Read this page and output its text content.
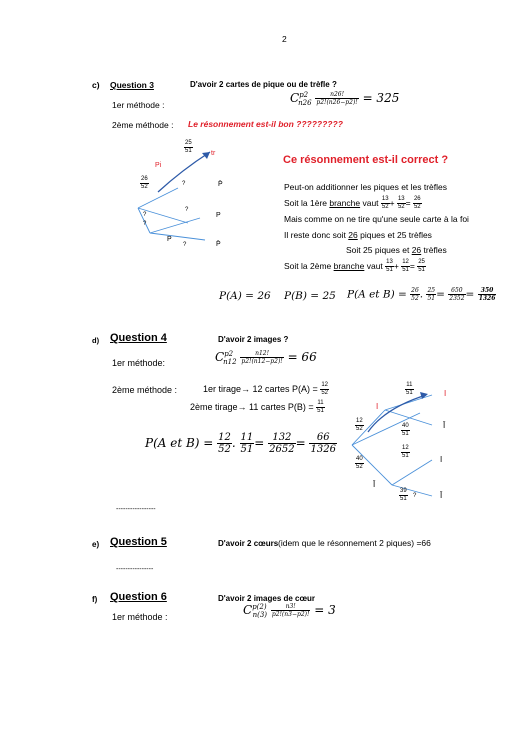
2
c) Question 3	D'avoir 2 cartes de pique ou de trèfle ?
1er méthode :	$C^{p2}_{n26} \frac{n26!}{p2!(n26-p2)!} = 325$
2ème méthode : Le résonnement est-il bon ?????????
$\frac{25}{51}$	tr
Pi
$\frac{26}{52}$	?	P̄
?
P
?
?
P
?	P̄
Ce résonnement est-il correct ?
Peut-on additionner les piques et les trèfles
Soit la 1ère branche vaut $\frac{13}{52} + \frac{13}{52} = \frac{26}{52}$
Mais comme on ne tire qu'une seule carte à la foi
Il reste donc soit 26 piques et 25 trèfles
Soit 25 piques et 26 trèfles
Soit la 2ème branche vaut $\frac{13}{51} + \frac{12}{51} = \frac{25}{51}$
P(A) = 26 P(B) = 25 P(A et $B) = \frac{26}{52}$ . $\frac{25}{51} = \frac{650}{2352} = \frac{350}{1326}$
d) Question 4	D'avoir 2 images ?
1er méthode:	$C^{p2}_{n12} \frac{n12!}{p2!(n12-p2)!} = 66$
2ème méthode :	1er tirage→ 12 cartes $P(A) = \frac{12}{52}$
2ème tirage→ 11 cartes $P(B) = \frac{11}{51}$
P(A et $B) = \frac{12}{52}$ . $\frac{11}{51} = \frac{132}{2652} = \frac{66}{1326}$
$\frac{11}{51}$	I
I
$\frac{12}{52}$	$\frac{40}{51}$	Ī
$\frac{12}{51}$	I
$\frac{40}{52}$
Ī
$\frac{39}{51}$ ?	Ī
-----------------
e) Question 5	D'avoir 2 cœurs (idem que le résonnement 2 piques) =66
----------------
f) Question 6	D'avoir 2 images de cœur
1er méthode :	$C^{p(2)}_{n(3)} \frac{n3!}{p2!(n3-p2)!} = 3$
